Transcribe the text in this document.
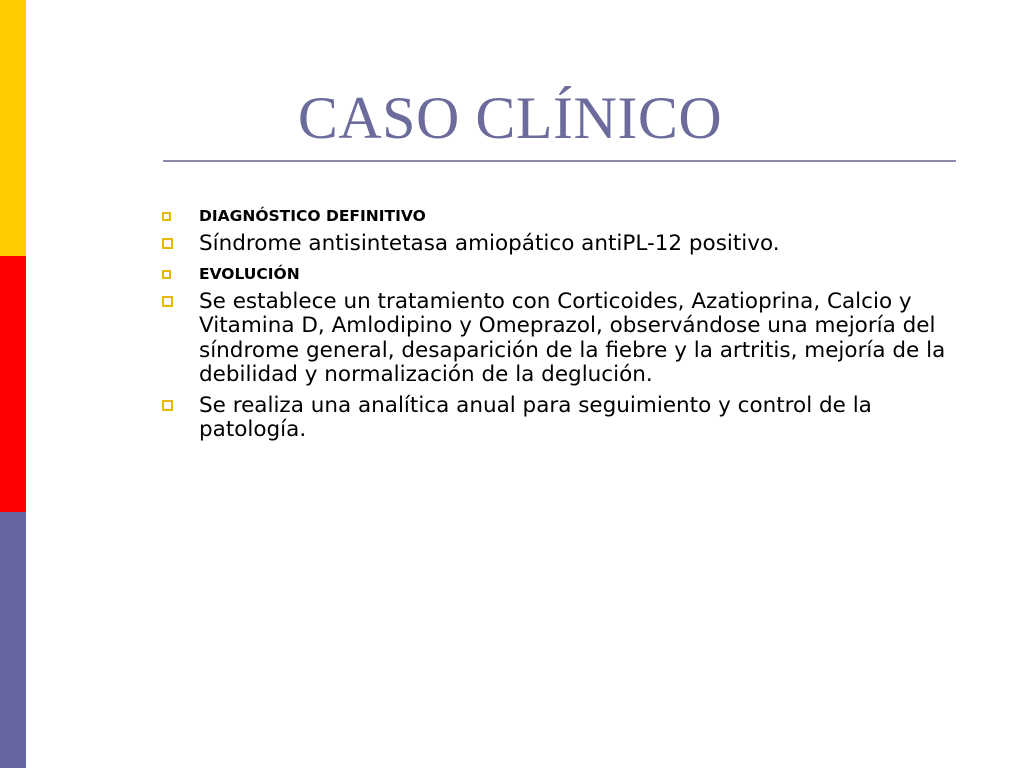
CASO CLÍNICO
DIAGNÓSTICO DEFINITIVO
Síndrome antisintetasa amiopático antiPL-12 positivo.
EVOLUCIÓN
Se establece un tratamiento con Corticoides, Azatioprina, Calcio y Vitamina D, Amlodipino y Omeprazol, observándose una mejoría del síndrome general, desaparición de la fiebre y la artritis, mejoría de la debilidad y normalización de la deglución.
Se realiza una analítica anual para seguimiento y control de la patología.
